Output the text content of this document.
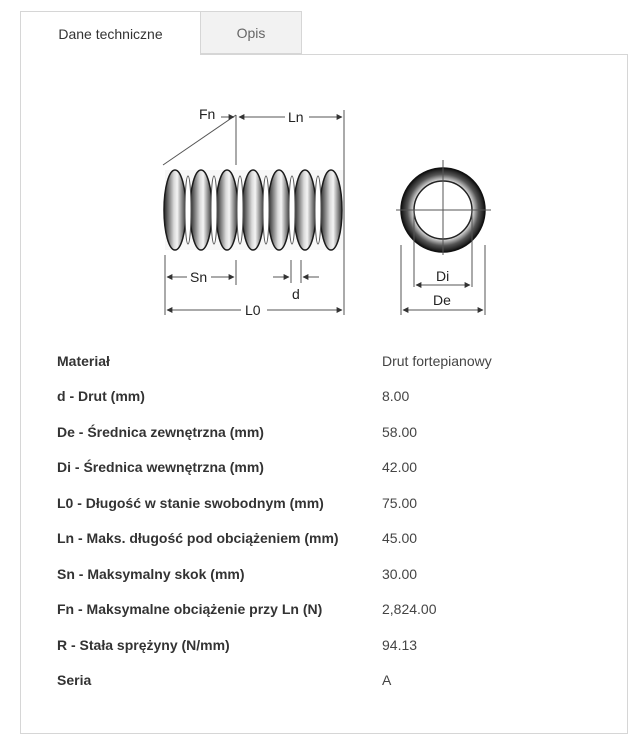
Dane techniczne	Opis
Fn	Ln
Sn
d
L0
Di
De
Materiał	Drut fortepianowy
d - Drut (mm)	8.00
De - Średnica zewnętrzna (mm)	58.00
Di - Średnica wewnętrzna (mm)	42.00
L0 - Długość w stanie swobodnym (mm)	75.00
Ln - Maks. długość pod obciążeniem (mm)	45.00
Sn - Maksymalny skok (mm)	30.00
Fn - Maksymalne obciążenie przy Ln (N)	2,824.00
R - Stała sprężyny (N/mm)	94.13
Seria	A
